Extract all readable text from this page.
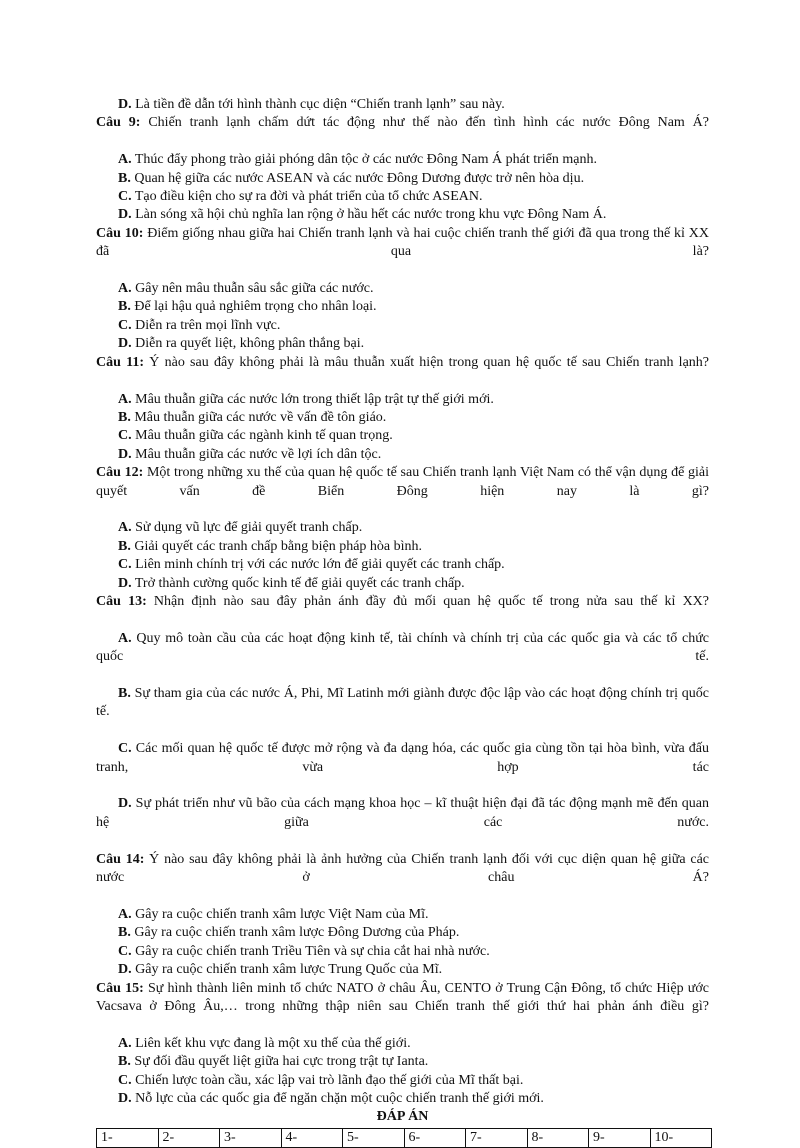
D. Là tiền đề dẫn tới hình thành cục diện “Chiến tranh lạnh” sau này.
Câu 9: Chiến tranh lạnh chấm dứt tác động như thế nào đến tình hình các nước Đông Nam Á?
A. Thúc đẩy phong trào giải phóng dân tộc ở các nước Đông Nam Á phát triển mạnh.
B. Quan hệ giữa các nước ASEAN và các nước Đông Dương được trở nên hòa dịu.
C. Tạo điều kiện cho sự ra đời và phát triển của tổ chức ASEAN.
D. Làn sóng xã hội chủ nghĩa lan rộng ở hầu hết các nước trong khu vực Đông Nam Á.
Câu 10: Điểm giống nhau giữa hai Chiến tranh lạnh và hai cuộc chiến tranh thế giới đã qua trong thế kỉ XX đã qua là?
A. Gây nên mâu thuẫn sâu sắc giữa các nước.
B. Để lại hậu quả nghiêm trọng cho nhân loại.
C. Diễn ra trên mọi lĩnh vực.
D. Diễn ra quyết liệt, không phân thắng bại.
Câu 11: Ý nào sau đây không phải là mâu thuẫn xuất hiện trong quan hệ quốc tế sau Chiến tranh lạnh?
A. Mâu thuẫn giữa các nước lớn trong thiết lập trật tự thế giới mới.
B. Mâu thuẫn giữa các nước về vấn đề tôn giáo.
C. Mâu thuẫn giữa các ngành kinh tế quan trọng.
D. Mâu thuẫn giữa các nước về lợi ích dân tộc.
Câu 12: Một trong những xu thế của quan hệ quốc tế sau Chiến tranh lạnh Việt Nam có thể vận dụng để giải quyết vấn đề Biển Đông hiện nay là gì?
A. Sử dụng vũ lực để giải quyết tranh chấp.
B. Giải quyết các tranh chấp bằng biện pháp hòa bình.
C. Liên minh chính trị với các nước lớn để giải quyết các tranh chấp.
D. Trở thành cường quốc kinh tế để giải quyết các tranh chấp.
Câu 13: Nhận định nào sau đây phản ánh đầy đủ mối quan hệ quốc tế trong nửa sau thế kỉ XX?
A. Quy mô toàn cầu của các hoạt động kinh tế, tài chính và chính trị của các quốc gia và các tổ chức quốc tế.
B. Sự tham gia của các nước Á, Phi, Mĩ Latinh mới giành được độc lập vào các hoạt động chính trị quốc tế.
C. Các mối quan hệ quốc tế được mở rộng và đa dạng hóa, các quốc gia cùng tồn tại hòa bình, vừa đấu tranh, vừa hợp tác
D. Sự phát triển như vũ bão của cách mạng khoa học – kĩ thuật hiện đại đã tác động mạnh mẽ đến quan hệ giữa các nước.
Câu 14: Ý nào sau đây không phải là ảnh hưởng của Chiến tranh lạnh đối với cục diện quan hệ giữa các nước ở châu Á?
A. Gây ra cuộc chiến tranh xâm lược Việt Nam của Mĩ.
B. Gây ra cuộc chiến tranh xâm lược Đông Dương của Pháp.
C. Gây ra cuộc chiến tranh Triều Tiên và sự chia cắt hai nhà nước.
D. Gây ra cuộc chiến tranh xâm lược Trung Quốc của Mĩ.
Câu 15: Sự hình thành liên minh tổ chức NATO ở châu Âu, CENTO ở Trung Cận Đông, tổ chức Hiệp ước Vacsava ở Đông Âu,… trong những thập niên sau Chiến tranh thế giới thứ hai phản ánh điều gì?
A. Liên kết khu vực đang là một xu thế của thế giới.
B. Sự đối đầu quyết liệt giữa hai cực trong trật tự Ianta.
C. Chiến lược toàn cầu, xác lập vai trò lãnh đạo thế giới của Mĩ thất bại.
D. Nỗ lực của các quốc gia để ngăn chặn một cuộc chiến tranh thế giới mới.
ĐÁP ÁN
1-	2-	3-	4-	5-	6-	7-	8-	9-	10-
